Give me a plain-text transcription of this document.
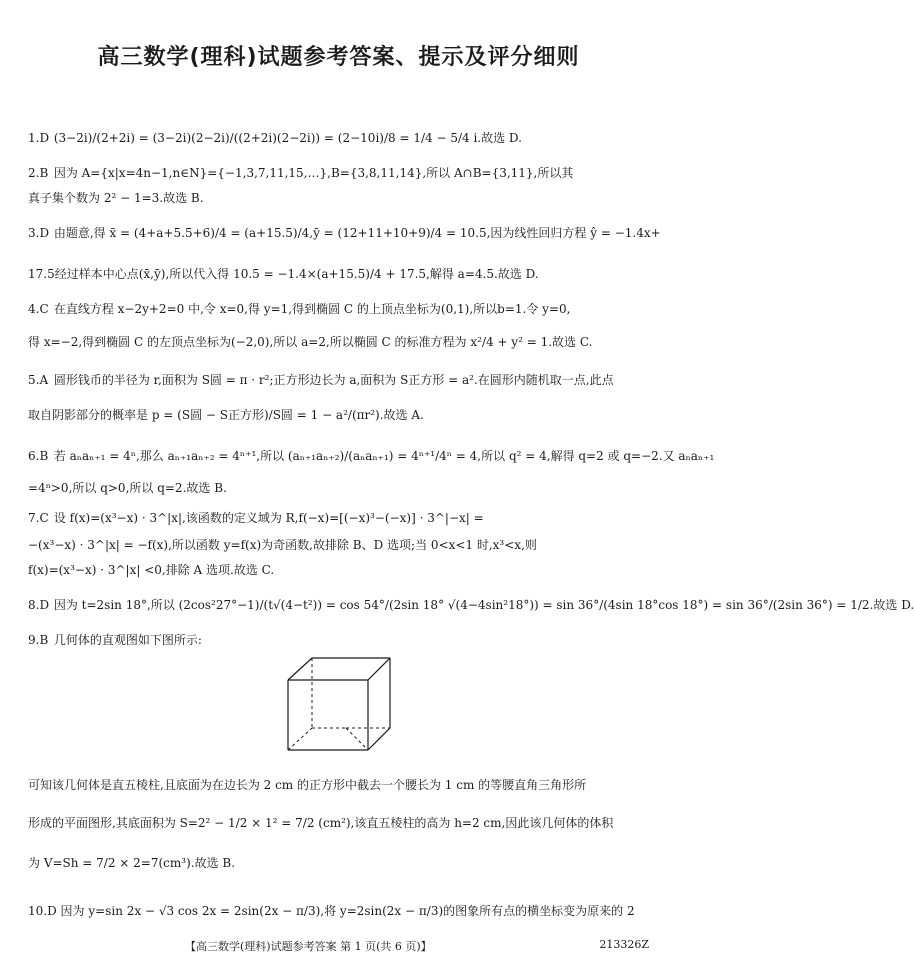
高三数学(理科)试题参考答案、提示及评分细则
1.D (3−2i)/(2+2i) = (3−2i)(2−2i)/((2+2i)(2−2i)) = (2−10i)/8 = 1/4 − 5/4 i.故选 D.
2.B 因为 A={x|x=4n−1,n∈N}={−1,3,7,11,15,…},B={3,8,11,14},所以 A∩B={3,11},所以其
真子集个数为 2² − 1=3.故选 B.
3.D 由题意,得 x̄ = (4+a+5.5+6)/4 = (a+15.5)/4,ȳ = (12+11+10+9)/4 = 10.5,因为线性回归方程 ŷ = −1.4x+
17.5经过样本中心点(x̄,ȳ),所以代入得 10.5 = −1.4×(a+15.5)/4 + 17.5,解得 a=4.5.故选 D.
4.C 在直线方程 x−2y+2=0 中,令 x=0,得 y=1,得到椭圆 C 的上顶点坐标为(0,1),所以b=1.令 y=0,
得 x=−2,得到椭圆 C 的左顶点坐标为(−2,0),所以 a=2,所以椭圆 C 的标准方程为 x²/4 + y² = 1.故选 C.
5.A 圆形钱币的半径为 r,面积为 S圆 = π · r²;正方形边长为 a,面积为 S正方形 = a².在圆形内随机取一点,此点
取自阴影部分的概率是 p = (S圆 − S正方形)/S圆 = 1 − a²/(πr²).故选 A.
6.B 若 aₙaₙ₊₁ = 4ⁿ,那么 aₙ₊₁aₙ₊₂ = 4ⁿ⁺¹,所以 (aₙ₊₁aₙ₊₂)/(aₙaₙ₊₁) = 4ⁿ⁺¹/4ⁿ = 4,所以 q² = 4,解得 q=2 或 q=−2.又 aₙaₙ₊₁
=4ⁿ>0,所以 q>0,所以 q=2.故选 B.
7.C 设 f(x)=(x³−x) · 3^|x|,该函数的定义域为 R,f(−x)=[(−x)³−(−x)] · 3^|−x| =
−(x³−x) · 3^|x| = −f(x),所以函数 y=f(x)为奇函数,故排除 B、D 选项;当 0<x<1 时,x³<x,则
f(x)=(x³−x) · 3^|x| <0,排除 A 选项.故选 C.
8.D 因为 t=2sin 18°,所以 (2cos²27°−1)/(t√(4−t²)) = cos 54°/(2sin 18° √(4−4sin²18°)) = sin 36°/(4sin 18°cos 18°) = sin 36°/(2sin 36°) = 1/2.故选 D.
9.B 几何体的直观图如下图所示:
可知该几何体是直五棱柱,且底面为在边长为 2 cm 的正方形中截去一个腰长为 1 cm 的等腰直角三角形所
形成的平面图形,其底面积为 S=2² − 1/2 × 1² = 7/2 (cm²),该直五棱柱的高为 h=2 cm,因此该几何体的体积
为 V=Sh = 7/2 × 2=7(cm³).故选 B.
10.D 因为 y=sin 2x − √3 cos 2x = 2sin(2x − π/3),将 y=2sin(2x − π/3)的图象所有点的横坐标变为原来的 2
【高三数学(理科)试题参考答案 第 1 页(共 6 页)】	213326Z
